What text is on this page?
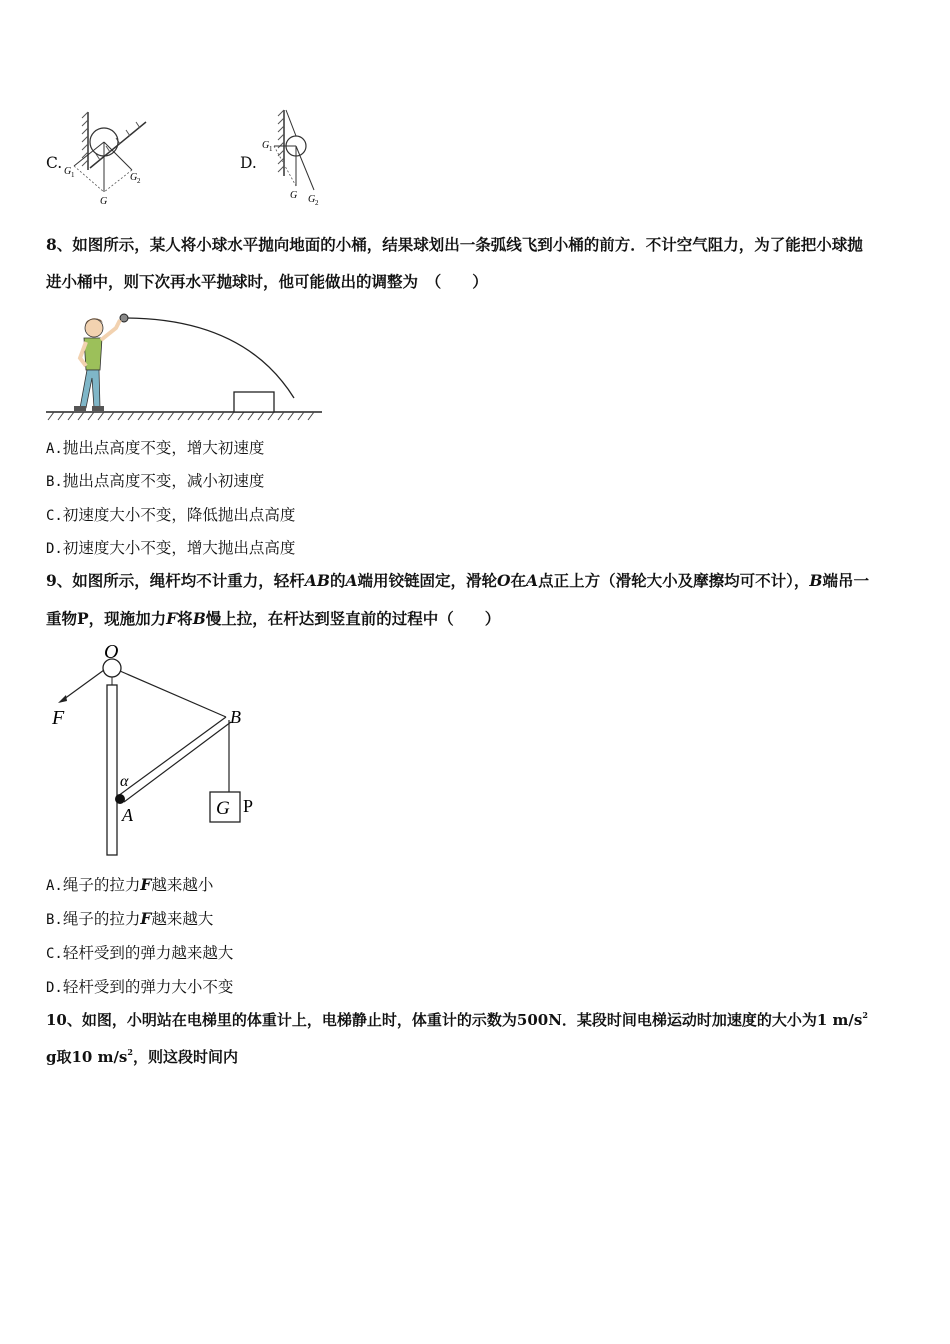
C. G 1	G 2
G
D.
G 1
G G 2
8、如图所示，某人将小球水平抛向地面的小桶，结果球划出一条弧线飞到小桶的前方．不计空气阻力，为了能把小球抛
进小桶中，则下次再水平抛球时，他可能做出的调整为　（　　）
A.抛出点高度不变，增大初速度
B.抛出点高度不变，减小初速度
C.初速度大小不变，降低抛出点高度
D.初速度大小不变，增大抛出点高度
9、如图所示，绳杆均不计重力，轻杆AB的A端用铰链固定，滑轮O在A点正上方（滑轮大小及摩擦均可不计），B端吊一
重物P，现施加力F将B慢上拉，在杆达到竖直前的过程中（　　）
O
F	B
α
A	G P
A.绳子的拉力F越来越小
B.绳子的拉力F越来越大
C.轻杆受到的弹力越来越大
D.轻杆受到的弹力大小不变
10、如图，小明站在电梯里的体重计上，电梯静止时，体重计的示数为500N．某段时间电梯运动时加速度的大小为1 $m/s^2$
g取10 $m/s^2$，则这段时间内
